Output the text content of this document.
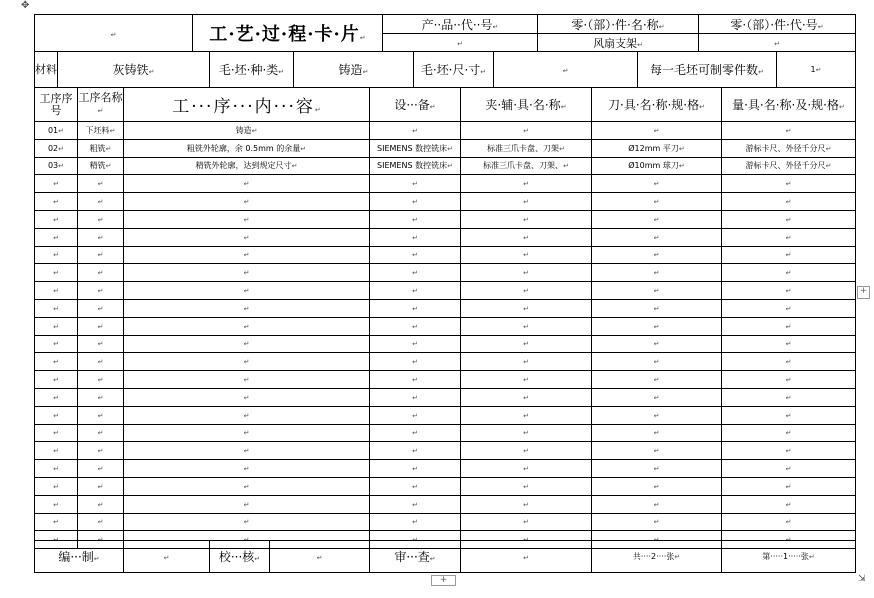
✥
↵	工·艺·过·程·卡·片↵	产··品··代··号↵	零·（部）·件·名·称↵	零·（部）·件·代·号↵
		↵	风扇支架↵	↵
材料	灰铸铁↵	毛·坯·种·类↵	铸造↵	毛·坯·尺·寸↵	↵	每一毛坯可制零件数↵	1↵
工序序号	工序名称↵	工···序···内···容↵	设···备↵	夹·辅·具·名·称↵	刀·具·名·称·规·格↵	量·具·名·称·及·规·格↵
01↵	下坯料↵	铸造↵	↵	↵	↵	↵
02↵	粗铣↵	粗铣外轮廓，余 0.5mm 的余量↵	SIEMENS 数控铣床↵	标准三爪卡盘、刀架↵	Ø12mm 平刀↵	游标卡尺、外径千分尺↵
03↵	精铣↵	精铣外轮廓，达到规定尺寸↵	SIEMENS 数控铣床↵	标准三爪卡盘、刀架、↵	Ø10mm 球刀↵	游标卡尺、外径千分尺↵
↵	↵	↵	↵	↵	↵	↵
↵	↵	↵	↵	↵	↵	↵
↵	↵	↵	↵	↵	↵	↵
↵	↵	↵	↵	↵	↵	↵
↵	↵	↵	↵	↵	↵	↵
↵	↵	↵	↵	↵	↵	↵
↵	↵	↵	↵	↵	↵	↵
↵	↵	↵	↵	↵	↵	↵
↵	↵	↵	↵	↵	↵	↵
↵	↵	↵	↵	↵	↵	↵
↵	↵	↵	↵	↵	↵	↵
↵	↵	↵	↵	↵	↵	↵
↵	↵	↵	↵	↵	↵	↵
↵	↵	↵	↵	↵	↵	↵
↵	↵	↵	↵	↵	↵	↵
↵	↵	↵	↵	↵	↵	↵
↵	↵	↵	↵	↵	↵	↵
↵	↵	↵	↵	↵	↵	↵
↵	↵	↵	↵	↵	↵	↵
↵	↵	↵	↵	↵	↵	↵
↵	↵	↵	↵	↵	↵	↵
编···制↵	↵	校···核↵	↵	审···查↵	↵	共····2····张↵	第·····1·····张↵
+
+	⇲
